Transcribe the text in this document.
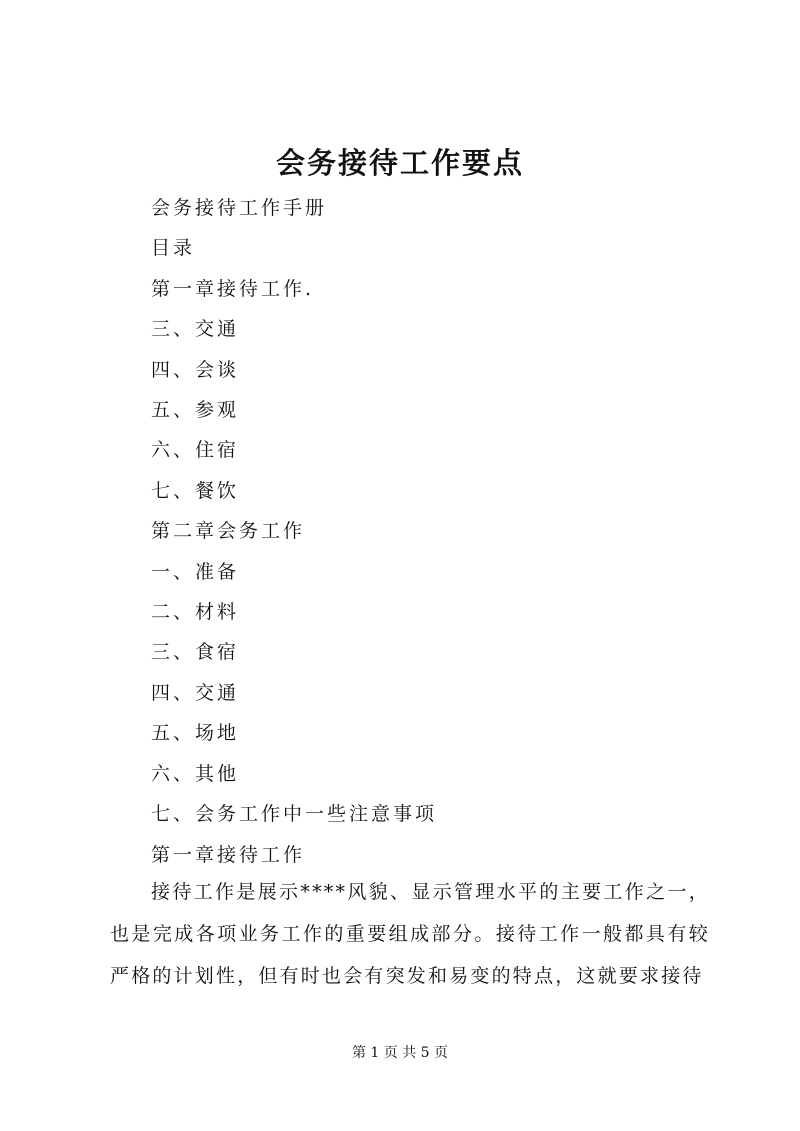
会务接待工作要点
会务接待工作手册
目录
第一章接待工作.
三、交通
四、会谈
五、参观
六、住宿
七、餐饮
第二章会务工作
一、准备
二、材料
三、食宿
四、交通
五、场地
六、其他
七、会务工作中一些注意事项
第一章接待工作

接待工作是展示****风貌、显示管理水平的主要工作之一，也是完成各项业务工作的重要组成部分。接待工作一般都具有较严格的计划性，但有时也会有突发和易变的特点，这就要求接待

第 1 页 共 5 页
